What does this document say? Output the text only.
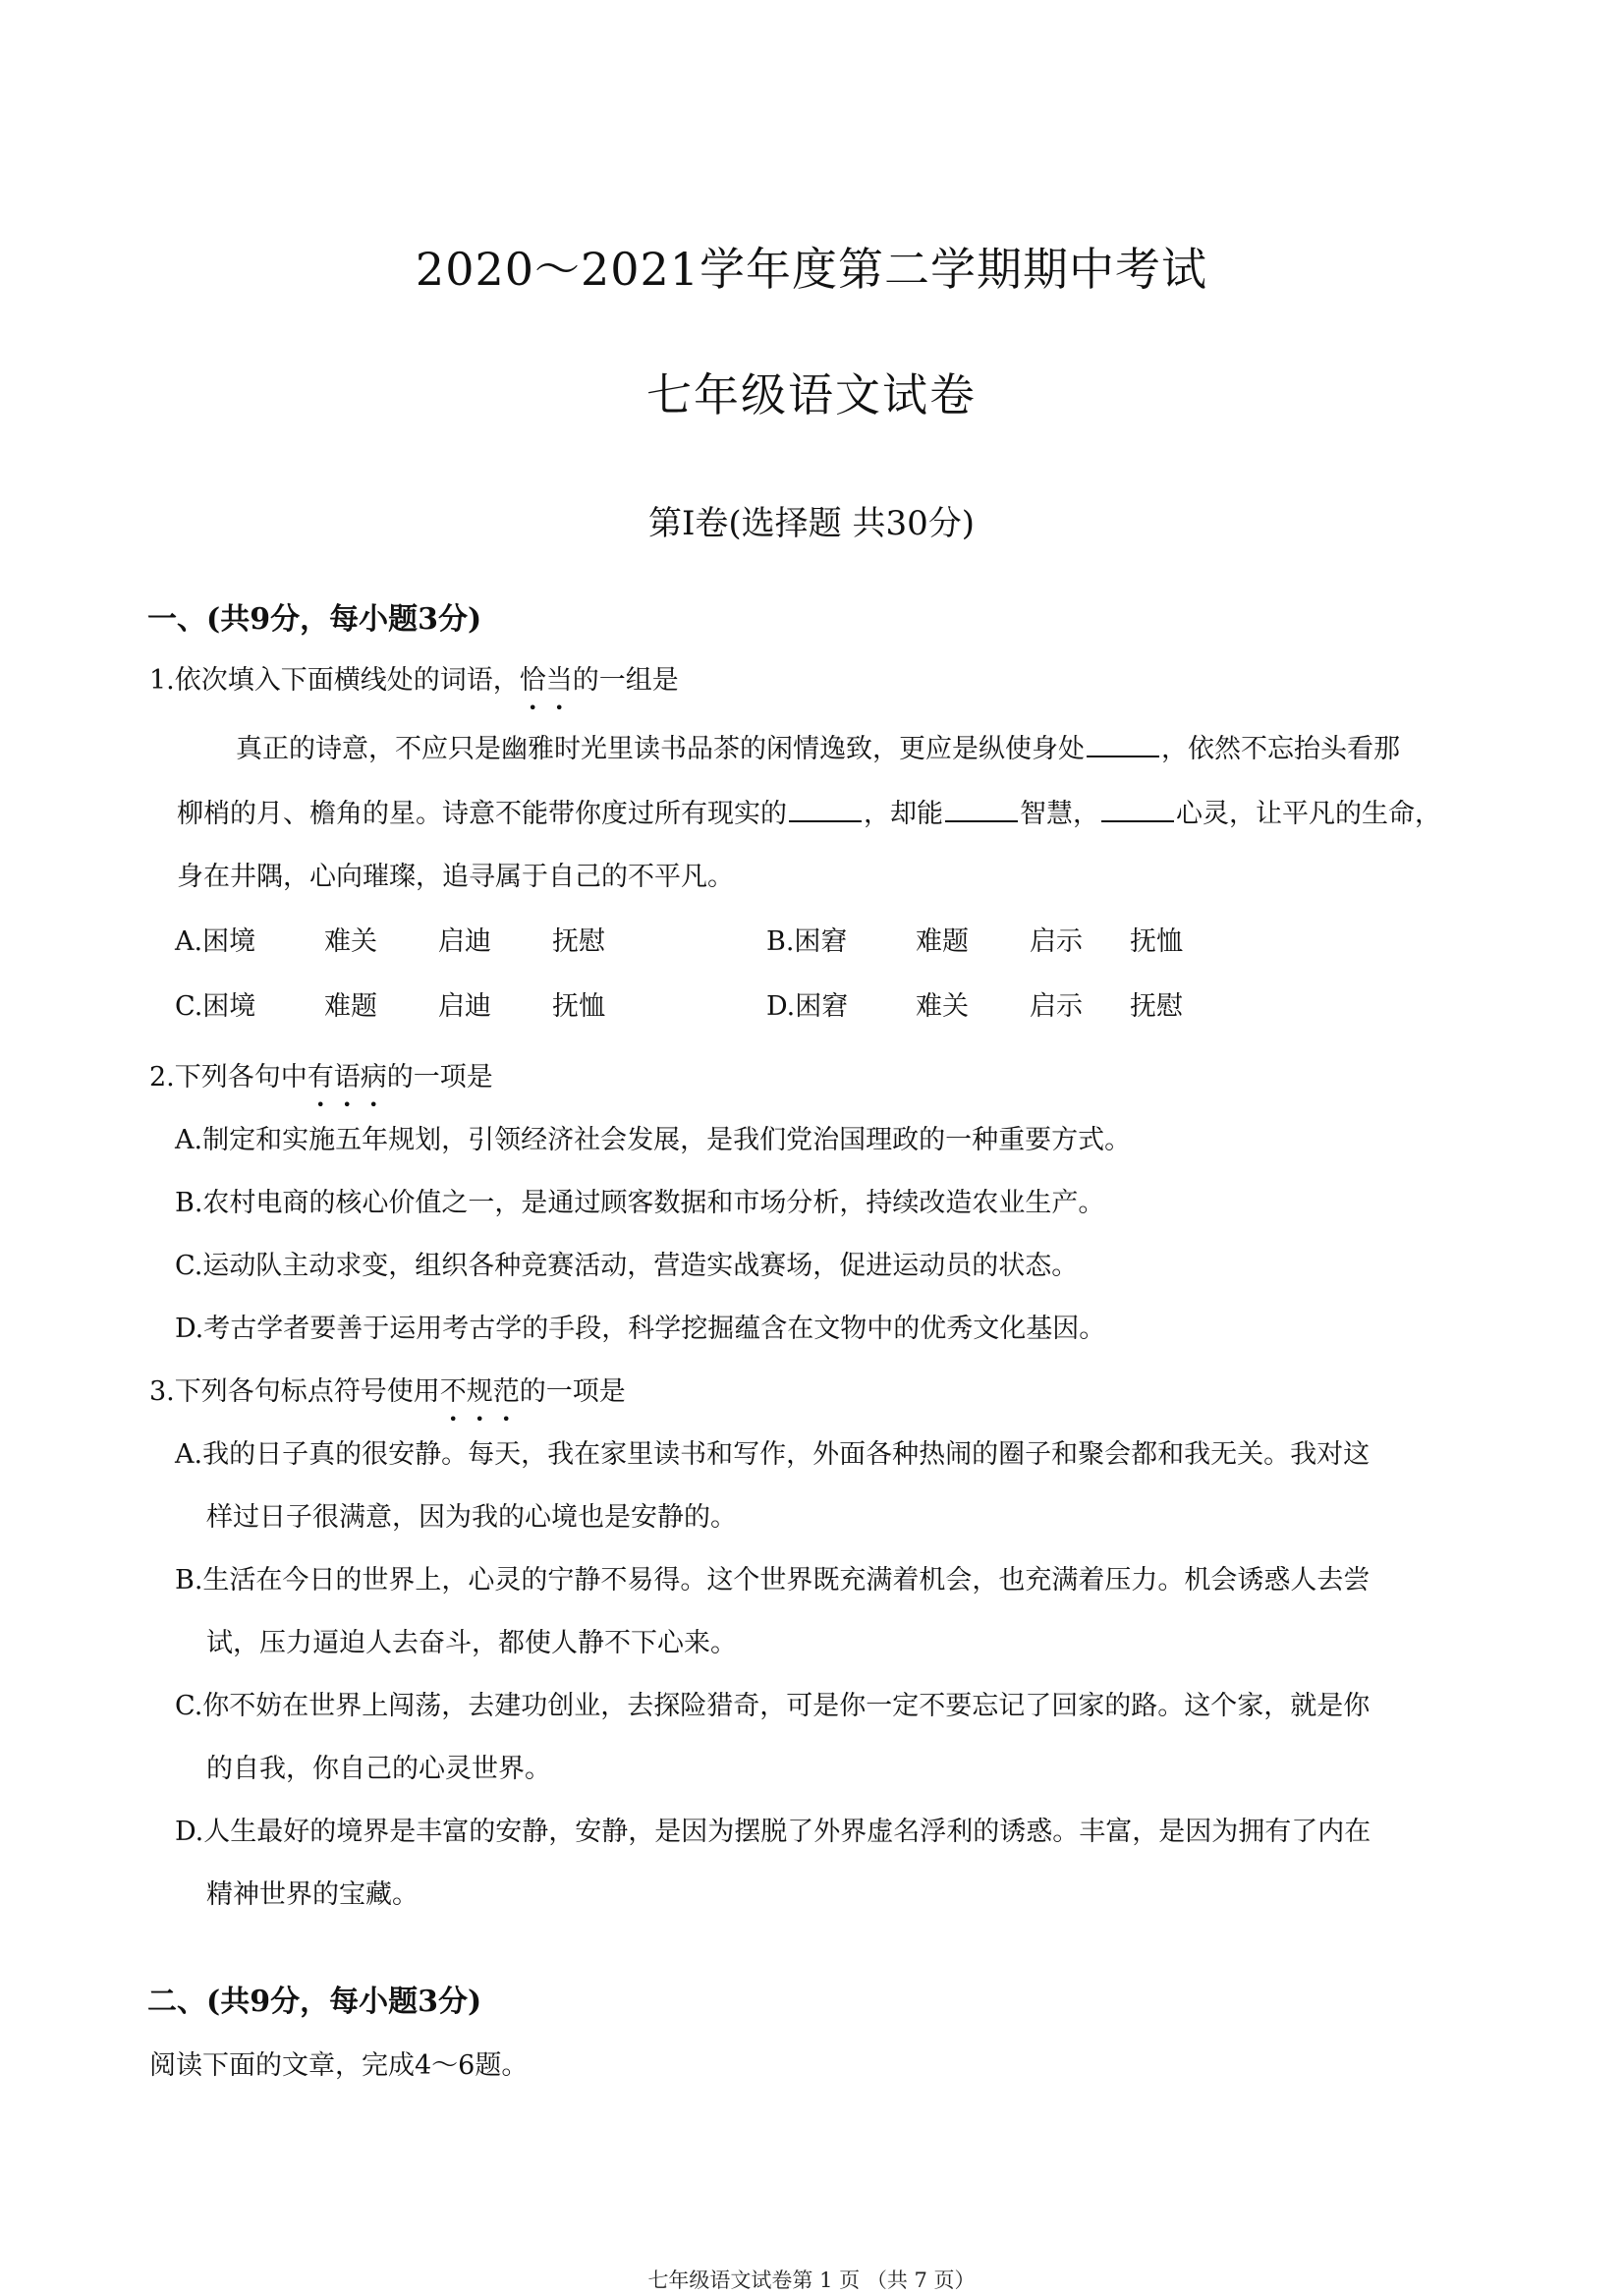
2020～2021学年度第二学期期中考试
七年级语文试卷
第Ⅰ卷(选择题 共30分)
一、(共9分，每小题3分)
1.依次填入下面横线处的词语，恰当的一组是
真正的诗意，不应只是幽雅时光里读书品茶的闲情逸致，更应是纵使身处	，依然不忘抬头看那
柳梢的月、檐角的星。诗意不能带你度过所有现实的	，却能	智慧，	心灵，让平凡的生命，
身在井隅，心向璀璨，追寻属于自己的不平凡。
A.困境	难关 启迪 抚慰	B.困窘	难题 启示 抚恤
C.困境	难题 启迪 抚恤	D.困窘	难关 启示 抚慰
2.下列各句中有语病的一项是
A.制定和实施五年规划，引领经济社会发展，是我们党治国理政的一种重要方式。
B.农村电商的核心价值之一，是通过顾客数据和市场分析，持续改造农业生产。
C.运动队主动求变，组织各种竞赛活动，营造实战赛场，促进运动员的状态。
D.考古学者要善于运用考古学的手段，科学挖掘蕴含在文物中的优秀文化基因。
3.下列各句标点符号使用不规范的一项是
A.我的日子真的很安静。每天，我在家里读书和写作，外面各种热闹的圈子和聚会都和我无关。我对这
样过日子很满意，因为我的心境也是安静的。
B.生活在今日的世界上，心灵的宁静不易得。这个世界既充满着机会，也充满着压力。机会诱惑人去尝
试，压力逼迫人去奋斗，都使人静不下心来。
C.你不妨在世界上闯荡，去建功创业，去探险猎奇，可是你一定不要忘记了回家的路。这个家，就是你
的自我，你自己的心灵世界。
D.人生最好的境界是丰富的安静，安静，是因为摆脱了外界虚名浮利的诱惑。丰富，是因为拥有了内在
精神世界的宝藏。
二、(共9分，每小题3分)
阅读下面的文章，完成4～6题。
七年级语文试卷第 1 页 （共 7 页）
